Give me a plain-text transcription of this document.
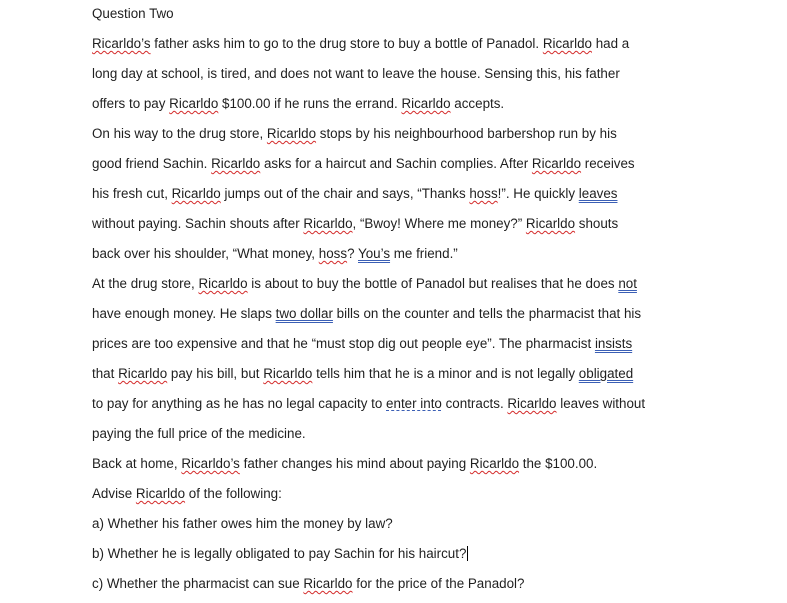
Question Two
Ricarldo’s father asks him to go to the drug store to buy a bottle of Panadol. Ricarldo had a
long day at school, is tired, and does not want to leave the house. Sensing this, his father
offers to pay Ricarldo $100.00 if he runs the errand. Ricarldo accepts.
On his way to the drug store, Ricarldo stops by his neighbourhood barbershop run by his
good friend Sachin. Ricarldo asks for a haircut and Sachin complies. After Ricarldo receives
his fresh cut, Ricarldo jumps out of the chair and says, “Thanks hoss!”. He quickly leaves
without paying. Sachin shouts after Ricarldo, “Bwoy! Where me money?” Ricarldo shouts
back over his shoulder, “What money, hoss? You’s me friend.”
At the drug store, Ricarldo is about to buy the bottle of Panadol but realises that he does not
have enough money. He slaps two dollar bills on the counter and tells the pharmacist that his
prices are too expensive and that he “must stop dig out people eye”. The pharmacist insists
that Ricarldo pay his bill, but Ricarldo tells him that he is a minor and is not legally obligated
to pay for anything as he has no legal capacity to enter into contracts. Ricarldo leaves without
paying the full price of the medicine.
Back at home, Ricarldo’s father changes his mind about paying Ricarldo the $100.00.
Advise Ricarldo of the following:
a) Whether his father owes him the money by law?
b) Whether he is legally obligated to pay Sachin for his haircut?
c) Whether the pharmacist can sue Ricarldo for the price of the Panadol?
